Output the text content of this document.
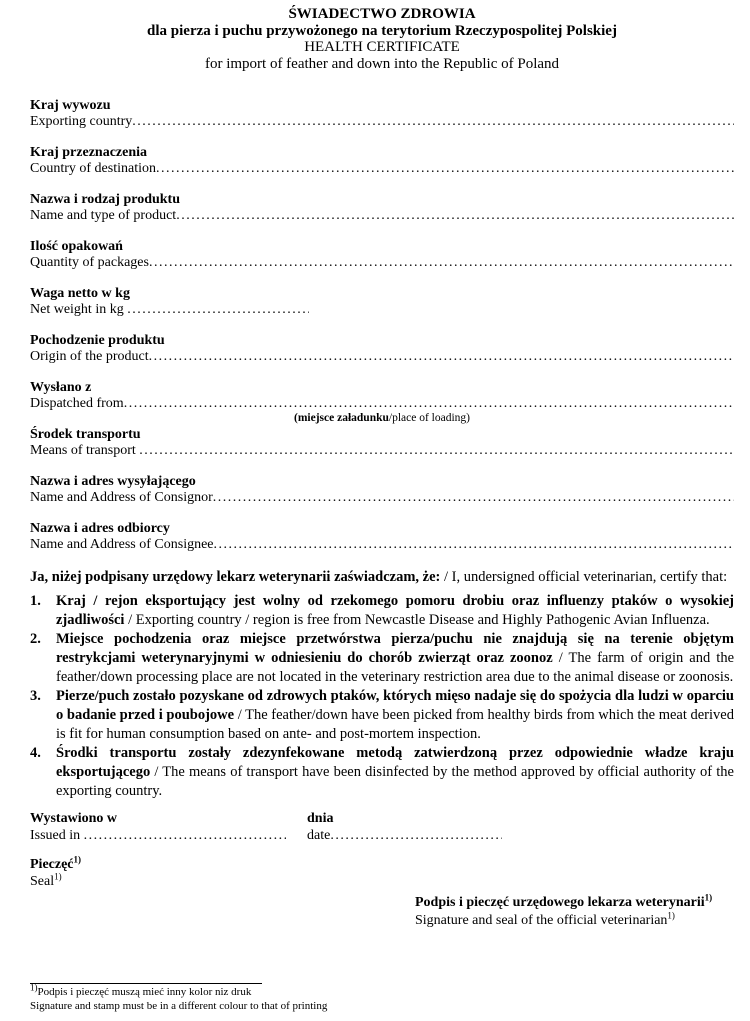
ŚWIADECTWO ZDROWIA
dla pierza i puchu przywożonego na terytorium Rzeczypospolitej Polskiej
HEALTH CERTIFICATE
for import of feather and down into the Republic of Poland
Kraj wywozu
Exporting country
.....
Kraj przeznaczenia
Country of destination
.....
Nazwa i rodzaj produktu
Name and type of product
.....
Ilość opakowań
Quantity of packages
.....
Waga netto w kg
Net weight in kg
.....
Pochodzenie produktu
Origin of the product
.....
Wysłano z
Dispatched from
.....
(miejsce załadunku/place of loading)
Środek transportu
Means of transport
.....
Nazwa i adres wysyłającego
Name and Address of Consignor
.....
Nazwa i adres odbiorcy
Name and Address of Consignee
.....

Ja, niżej podpisany urzędowy lekarz weterynarii zaświadczam, że: / I, undersigned official veterinarian, certify that:

1.	Kraj / rejon eksportujący jest wolny od rzekomego pomoru drobiu oraz influenzy ptaków o wysokiej zjadliwości / Exporting country / region is free from Newcastle Disease and Highly Pathogenic Avian Influenza.
2.	Miejsce pochodzenia oraz miejsce przetwórstwa pierza/puchu nie znajdują się na terenie objętym restrykcjami weterynaryjnymi w odniesieniu do chorób zwierząt oraz zoonoz / The farm of origin and the feather/down processing place are not located in the veterinary restriction area due to the animal disease or zoonosis.
3.	Pierze/puch zostało pozyskane od zdrowych ptaków, których mięso nadaje się do spożycia dla ludzi w oparciu o badanie przed i poubojowe / The feather/down have been picked from healthy birds from which the meat derived is fit for human consumption based on ante- and post-mortem inspection.
4.	Środki transportu zostały zdezynfekowane metodą zatwierdzoną przez odpowiednie władze kraju eksportującego / The means of transport have been disinfected by the method approved by official authority of the exporting country.
Wystawiono w
Issued in
.....
dnia
date
.....
Pieczęć$^{1)}$
Seal$^{1)}$
Podpis i pieczęć urzędowego lekarza weterynarii$^{1)}$
Signature and seal of the official veterinarian$^{1)}$
$^{1)}$Podpis i pieczęć muszą mieć inny kolor niz druk
Signature and stamp must be in a different colour to that of printing
